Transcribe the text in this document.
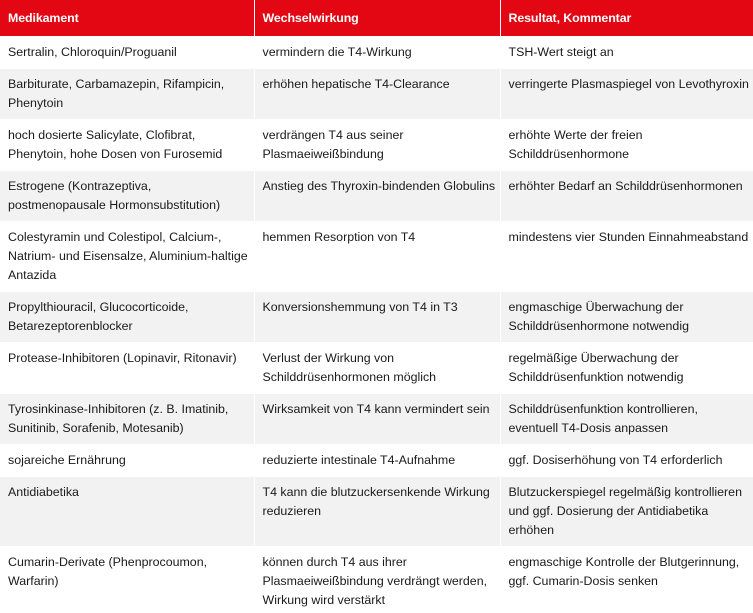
Medikament	Wechselwirkung	Resultat, Kommentar
Sertralin, Chloroquin/Proguanil	vermindern die T4-Wirkung	TSH-Wert steigt an
Barbiturate, Carbamazepin, Rifampicin, Phenytoin	erhöhen hepatische T4-Clearance	verringerte Plasmaspiegel von Levothyroxin
hoch dosierte Salicylate, Clofibrat, Phenytoin, hohe Dosen von Furosemid	verdrängen T4 aus seiner Plasmaeiweißbindung	erhöhte Werte der freien Schilddrüsenhormone
Estrogene (Kontrazeptiva, postmenopausale Hormonsubstitution)	Anstieg des Thyroxin-bindenden Globulins	erhöhter Bedarf an Schilddrüsenhormonen
Colestyramin und Colestipol, Calcium-, Natrium- und Eisensalze, Aluminium-haltige Antazida	hemmen Resorption von T4	mindestens vier Stunden Einnahmeabstand
Propylthiouracil, Glucocorticoide, Betarezeptorenblocker	Konversionshemmung von T4 in T3	engmaschige Überwachung der Schilddrüsenhormone notwendig
Protease-Inhibitoren (Lopinavir, Ritonavir)	Verlust der Wirkung von Schilddrüsenhormonen möglich	regelmäßige Überwachung der Schilddrüsenfunktion notwendig
Tyrosinkinase-Inhibitoren (z. B. Imatinib, Sunitinib, Sorafenib, Motesanib)	Wirksamkeit von T4 kann vermindert sein	Schilddrüsenfunktion kontrollieren, eventuell T4-Dosis anpassen
sojareiche Ernährung	reduzierte intestinale T4-Aufnahme	ggf. Dosiserhöhung von T4 erforderlich
Antidiabetika	T4 kann die blutzuckersenkende Wirkung reduzieren	Blutzuckerspiegel regelmäßig kontrollieren und ggf. Dosierung der Antidiabetika erhöhen
Cumarin-Derivate (Phenprocoumon, Warfarin)	können durch T4 aus ihrer Plasmaeiweißbindung verdrängt werden, Wirkung wird verstärkt	engmaschige Kontrolle der Blutgerinnung, ggf. Cumarin-Dosis senken
